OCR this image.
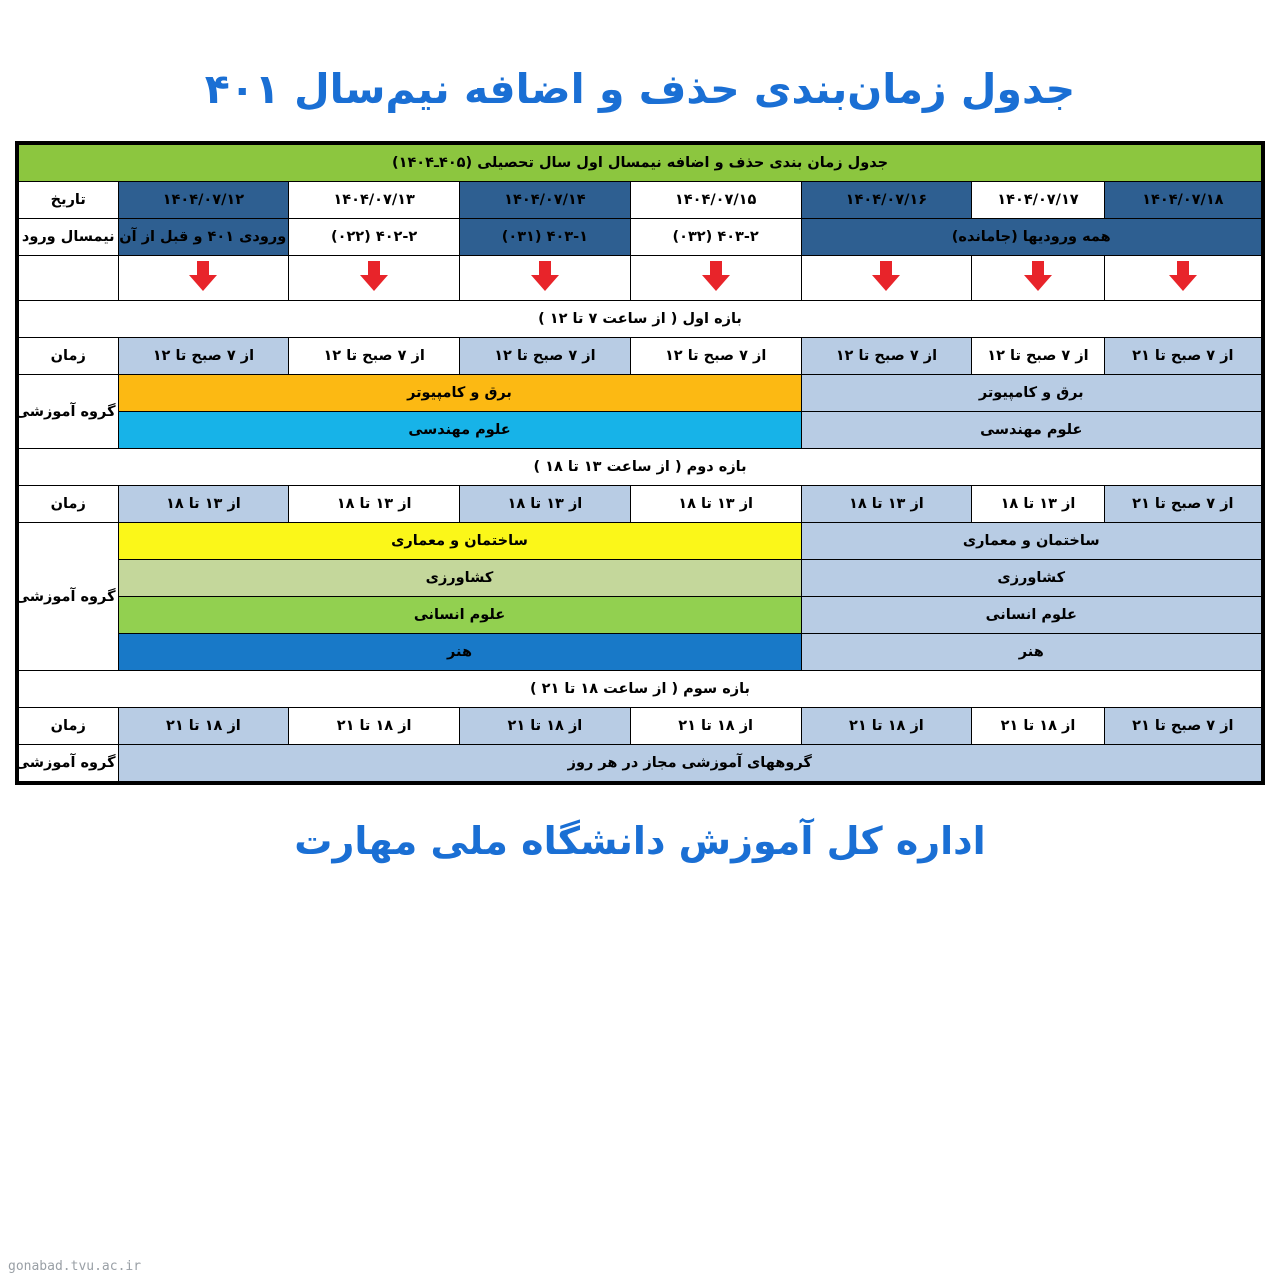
جدول زمان‌بندی حذف و اضافه نیم‌سال ۴۰۱
جدول زمان بندی حذف و اضافه نیمسال اول سال تحصیلی (۴۰۵ـ۱۴۰۴)							
۱۴۰۴/۰۷/۱۸	۱۴۰۴/۰۷/۱۷	۱۴۰۴/۰۷/۱۶	۱۴۰۴/۰۷/۱۵	۱۴۰۴/۰۷/۱۴	۱۴۰۴/۰۷/۱۳	۱۴۰۴/۰۷/۱۲	تاریخ
همه ورودیها (جامانده)			۴۰۳-۲ (۰۳۲)	۴۰۳-۱ (۰۳۱)	۴۰۲-۲ (۰۲۲)	ورودی ۴۰۱ و قبل از آن	نیمسال ورود

بازه اول ( از ساعت ۷ تا ۱۲ )							
از ۷ صبح تا ۲۱	از ۷ صبح تا ۱۲	از ۷ صبح تا ۱۲	از ۷ صبح تا ۱۲	از ۷ صبح تا ۱۲	از ۷ صبح تا ۱۲	از ۷ صبح تا ۱۲	زمان
برق و کامپیوتر			برق و کامپیوتر				گروه آموزشی
علوم مهندسی			علوم مهندسی				
بازه دوم ( از ساعت ۱۳ تا ۱۸ )							
از ۷ صبح تا ۲۱	از ۱۳ تا ۱۸	از ۱۳ تا ۱۸	از ۱۳ تا ۱۸	از ۱۳ تا ۱۸	از ۱۳ تا ۱۸	از ۱۳ تا ۱۸	زمان
ساختمان و معماری			ساختمان و معماری				گروه آموزشی
کشاورزی			کشاورزی				
علوم انسانی			علوم انسانی				
هنر			هنر				
بازه سوم ( از ساعت ۱۸ تا ۲۱ )							
از ۷ صبح تا ۲۱	از ۱۸ تا ۲۱	از ۱۸ تا ۲۱	از ۱۸ تا ۲۱	از ۱۸ تا ۲۱	از ۱۸ تا ۲۱	از ۱۸ تا ۲۱	زمان
گروههای آموزشی مجاز در هر روز							گروه آموزشی
اداره کل آموزش دانشگاه ملی مهارت
gonabad.tvu.ac.ir
